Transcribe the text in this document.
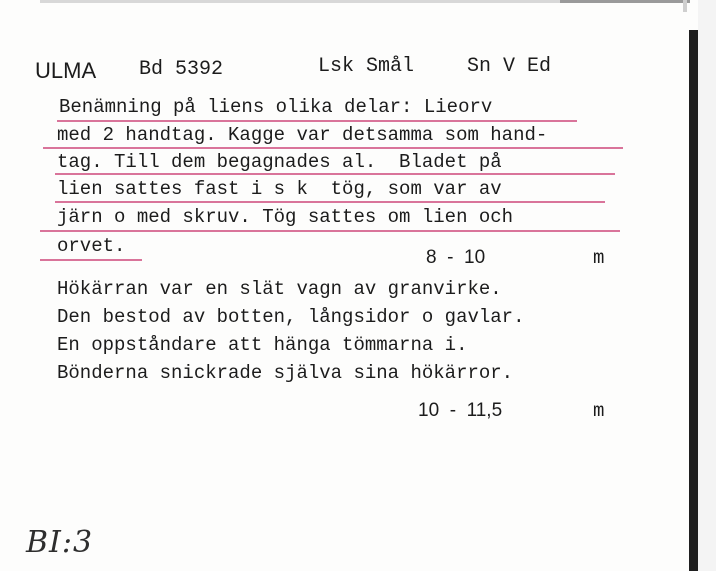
ULMA Bd 5392	Lsk Smål	Sn V Ed
Benämning på liens olika delar: Lieorv
med 2 handtag. Kagge var detsamma som hand-
tag. Till dem begagnades al.  Bladet på
lien sattes fast i s k  tög, som var av
järn o med skruv. Tög sattes om lien och
orvet.
8  -  10	m
Hökärran var en slät vagn av granvirke.
Den bestod av botten, långsidor o gavlar.
En oppståndare att hänga tömmarna i.
Bönderna snickrade själva sina hökärror.
10  -  11,5	m
BI:3
